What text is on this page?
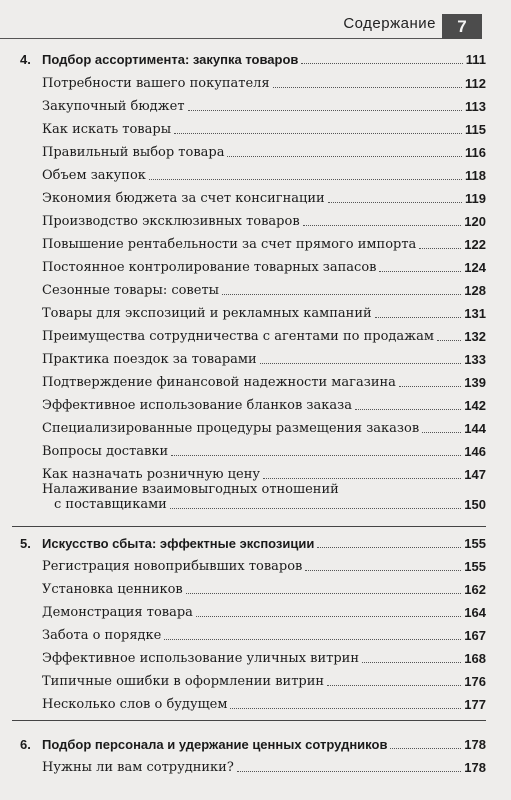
Содержание	7
4. Подбор ассортимента: закупка товаров	111
Потребности вашего покупателя	112
Закупочный бюджет	113
Как искать товары	115
Правильный выбор товара	116
Объем закупок	118
Экономия бюджета за счет консигнации	119
Производство эксклюзивных товаров	120
Повышение рентабельности за счет прямого импорта	122
Постоянное контролирование товарных запасов	124
Сезонные товары: советы	128
Товары для экспозиций и рекламных кампаний	131
Преимущества сотрудничества с агентами по продажам 132
Практика поездок за товарами	133
Подтверждение финансовой надежности магазина	139
Эффективное использование бланков заказа	142
Специализированные процедуры размещения заказов	144
Вопросы доставки	146
Как назначать розничную цену	147
Налаживание взаимовыгодных отношений
с поставщиками	150
5. Искусство сбыта: эффектные экспозиции	155
Регистрация новоприбывших товаров	155
Установка ценников	162
Демонстрация товара	164
Забота о порядке	167
Эффективное использование уличных витрин	168
Типичные ошибки в оформлении витрин	176
Несколько слов о будущем	177
6. Подбор персонала и удержание ценных сотрудников	178
Нужны ли вам сотрудники?	178
